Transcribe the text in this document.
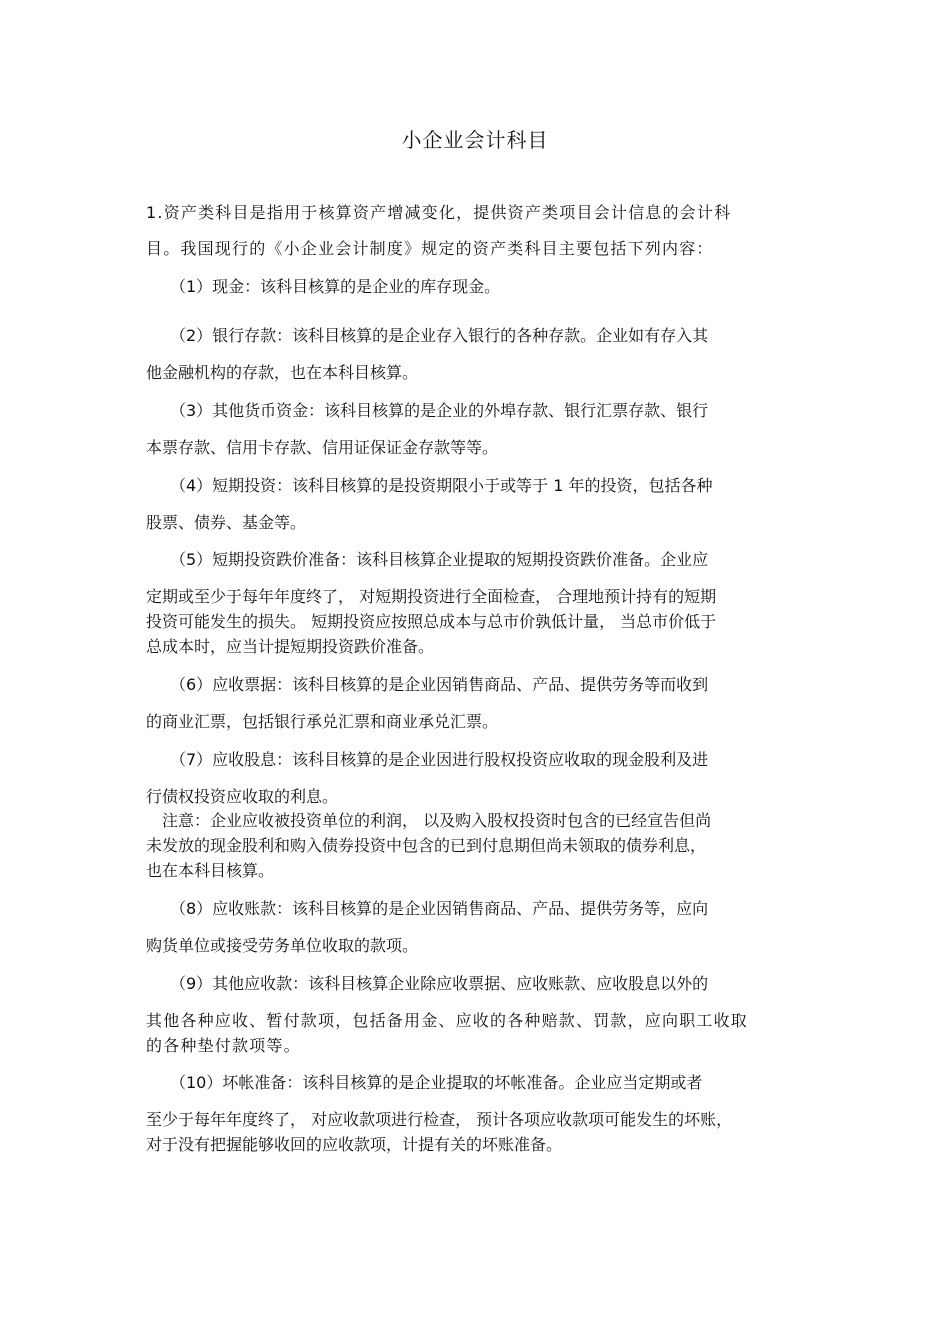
小企业会计科目
1.资产类科目是指用于核算资产增减变化，提供资产类项目会计信息的会计科
目。我国现行的《小企业会计制度》规定的资产类科目主要包括下列内容：
（1）现金：该科目核算的是企业的库存现金。
（2）银行存款：该科目核算的是企业存入银行的各种存款。企业如有存入其
他金融机构的存款，也在本科目核算。
（3）其他货币资金：该科目核算的是企业的外埠存款、银行汇票存款、银行
本票存款、信用卡存款、信用证保证金存款等等。
（4）短期投资：该科目核算的是投资期限小于或等于 1 年的投资，包括各种
股票、债券、基金等。
（5）短期投资跌价准备：该科目核算企业提取的短期投资跌价准备。企业应
定期或至少于每年年度终了， 对短期投资进行全面检查， 合理地预计持有的短期
投资可能发生的损失。 短期投资应按照总成本与总市价孰低计量， 当总市价低于
总成本时，应当计提短期投资跌价准备。
（6）应收票据：该科目核算的是企业因销售商品、产品、提供劳务等而收到
的商业汇票，包括银行承兑汇票和商业承兑汇票。
（7）应收股息：该科目核算的是企业因进行股权投资应收取的现金股利及进
行债权投资应收取的利息。
注意：企业应收被投资单位的利润， 以及购入股权投资时包含的已经宣告但尚
未发放的现金股利和购入债券投资中包含的已到付息期但尚未领取的债券利息，
也在本科目核算。
（8）应收账款：该科目核算的是企业因销售商品、产品、提供劳务等，应向
购货单位或接受劳务单位收取的款项。
（9）其他应收款：该科目核算企业除应收票据、应收账款、应收股息以外的
其他各种应收、暂付款项，包括备用金、应收的各种赔款、罚款，应向职工收取
的各种垫付款项等。
（10）坏帐准备：该科目核算的是企业提取的坏帐准备。企业应当定期或者
至少于每年年度终了， 对应收款项进行检查， 预计各项应收款项可能发生的坏账，
对于没有把握能够收回的应收款项，计提有关的坏账准备。
